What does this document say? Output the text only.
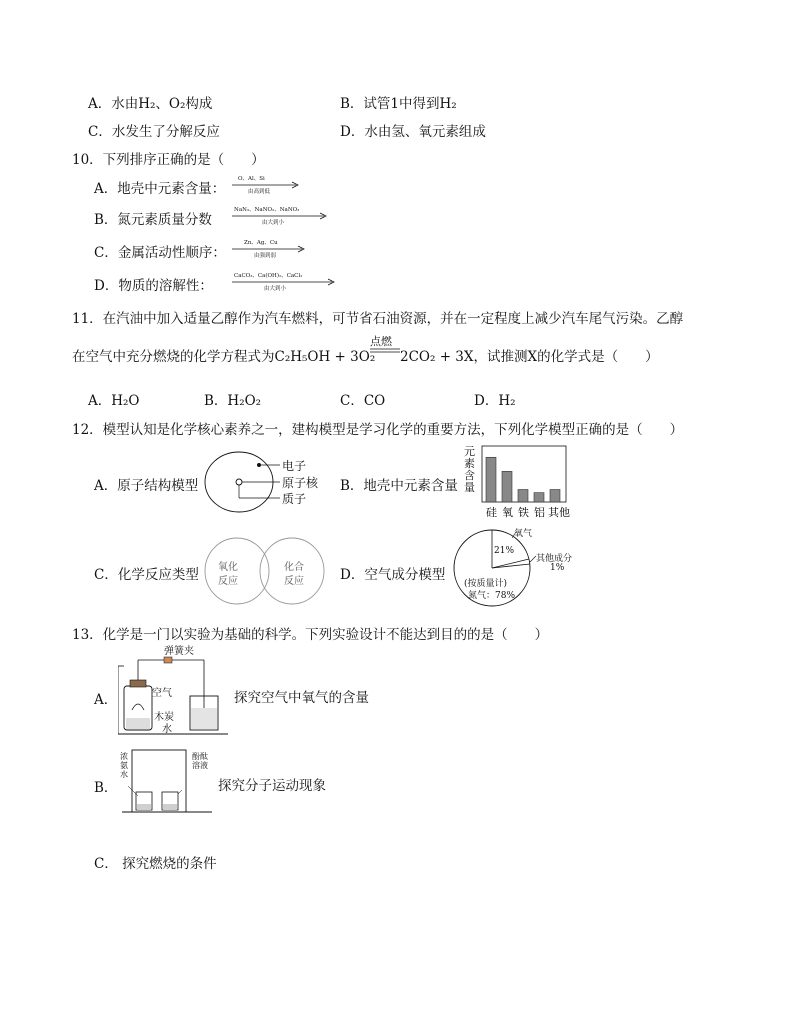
A．水由H₂、O₂构成	B．试管1中得到H₂
C．水发生了分解反应	D．水由氢、氧元素组成
10．下列排序正确的是（　　）
A．地壳中元素含量：
O、Al、Si
由高到低
B．氮元素质量分数
NaN₃、NaNO₂、NaNO₃
由大到小
C．金属活动性顺序：
Zn、Ag、Cu
由强到弱
D．物质的溶解性：
CaCO₃、Ca(OH)₂、CaCl₂
由大到小
11．在汽油中加入适量乙醇作为汽车燃料，可节省石油资源，并在一定程度上减少汽车尾气污染。乙醇
在空气中充分燃烧的化学方程式为C₂H₅OH + 3O₂
点燃
2CO₂ + 3X，试推测X的化学式是（　　）
A．H₂O	B．H₂O₂	C．CO	D．H₂
12．模型认知是化学核心素养之一，建构模型是学习化学的重要方法，下列化学模型正确的是（　　）
A．原子结构模型
电子
原子核
质子
B．地壳中元素含量
元
素
含
量
硅 氧 铁 铝 其他
C．化学反应类型 氧化
反应
化合
反应	D．空气成分模型
氧气
21%
其他成分
1%
(按质量计)
氮气：78%
13．化学是一门以实验为基础的科学。下列实验设计不能达到目的的是（　　）
A．
弹簧夹
空气
木炭
水
探究空气中氧气的含量
B．
浓
氨
水
酚酞
溶液
探究分子运动现象
C． 探究燃烧的条件
